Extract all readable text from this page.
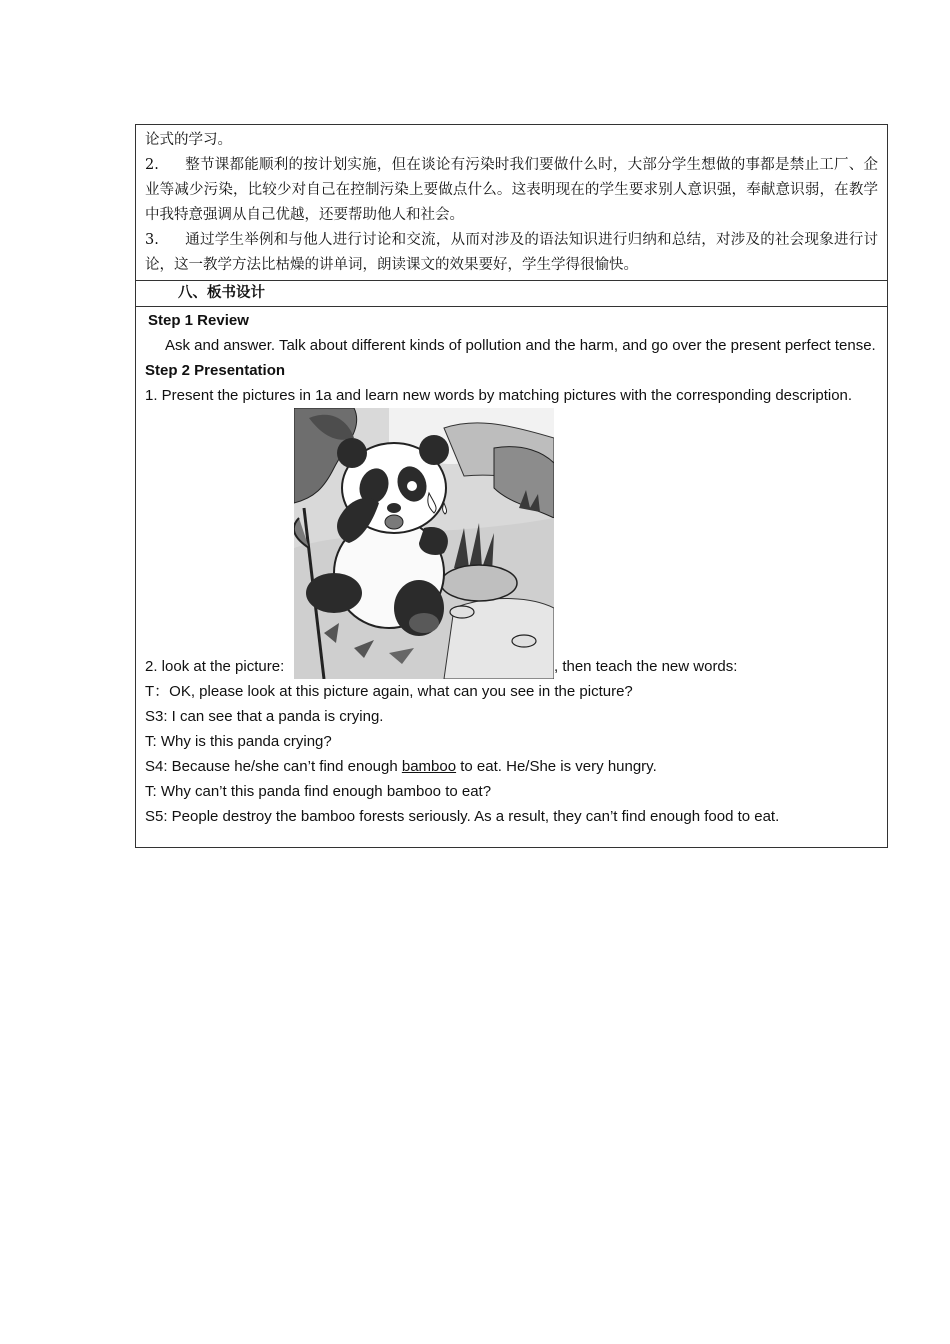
论式的学习。
2. 整节课都能顺利的按计划实施，但在谈论有污染时我们要做什么时，大部分学生想做的事都是禁止工厂、企业等减少污染，比较少对自己在控制污染上要做点什么。这表明现在的学生要求别人意识强，奉献意识弱，在教学中我特意强调从自己优越，还要帮助他人和社会。
3. 通过学生举例和与他人进行讨论和交流，从而对涉及的语法知识进行归纳和总结，对涉及的社会现象进行讨论，这一教学方法比枯燥的讲单词，朗读课文的效果要好，学生学得很愉快。
八、板书设计
Step 1 Review
Ask and answer. Talk about different kinds of pollution and the harm, and go over the present perfect tense.
Step 2 Presentation
1. Present the pictures in 1a and learn new words by matching pictures with the corresponding description.
2. look at the picture:	, then teach the new words:
T：OK, please look at this picture again, what can you see in the picture?
S3: I can see that a panda is crying.
T: Why is this panda crying?
S4: Because he/she can’t find enough bamboo to eat. He/She is very hungry.
T: Why can’t this panda find enough bamboo to eat?
S5: People destroy the bamboo forests seriously. As a result, they can’t find enough food to eat.
